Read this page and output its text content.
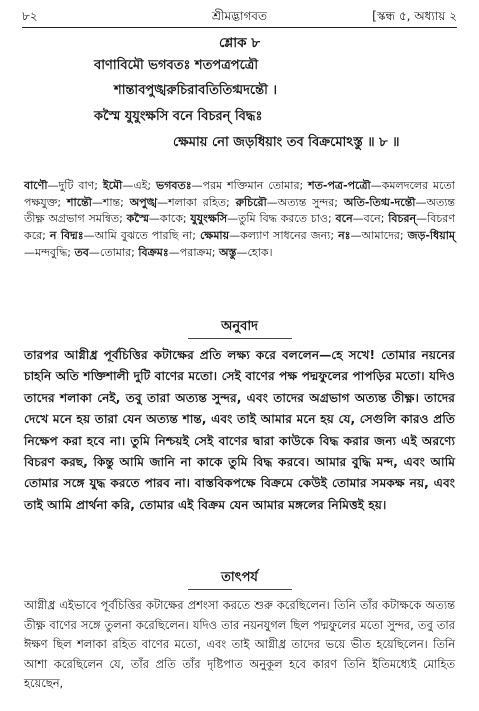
৮২	শ্রীমদ্ভাগবত	[স্কন্ধ ৫, অধ্যায় ২
শ্লোক ৮
বাণাবিমৌ ভগবতঃ শতপত্রপত্রৌ
শান্তাবপুঙ্খরুচিরাবতিতিগ্মদন্তৌ ।
কস্মৈ যুযুংক্ষসি বনে বিচরন্ বিদ্ধঃ
ক্ষেমায় নো জড়ধিয়াং তব বিক্রমোঽস্তু ॥ ৮ ॥
বাণৌ—দুটি বাণ; ইমৌ—এই; ভগবতঃ—পরম শক্তিমান তোমার; শত-পত্র-পত্রৌ—কমলদলের মতো পক্ষযুক্ত; শান্তৌ—শান্ত; অপুঙ্খ—শলাকা রহিত; রুচিরৌ—অত্যন্ত সুন্দর; অতি-তিগ্ম-দন্তৌ—অত্যন্ত তীক্ষ্ণ অগ্রভাগ সমন্বিত; কস্মৈ—কাকে; যুযুংক্ষসি—তুমি বিদ্ধ করতে চাও; বনে—বনে; বিচরন্—বিচরণ করে; ন বিদ্মঃ—আমি বুঝতে পারছি না; ক্ষেমায়—কল্যাণ সাধনের জন্য; নঃ—আমাদের; জড়-ধিয়াম্—মন্দবুদ্ধি; তব—তোমার; বিক্রমঃ—পরাক্রম; অস্তু—হোক।
অনুবাদ
তারপর আগ্নীধ্র পূর্বচিত্তির কটাক্ষের প্রতি লক্ষ্য করে বললেন—হে সখে! তোমার নয়নের চাহনি অতি শক্তিশালী দুটি বাণের মতো। সেই বাণের পক্ষ পদ্মফুলের পাপড়ির মতো। যদিও তাদের শলাকা নেই, তবু তারা অত্যন্ত সুন্দর, এবং তাদের অগ্রভাগ অত্যন্ত তীক্ষ্ণ। তাদের দেখে মনে হয় তারা যেন অত্যন্ত শান্ত, এবং তাই আমার মনে হয় যে, সেগুলি কারও প্রতি নিক্ষেপ করা হবে না। তুমি নিশ্চয়ই সেই বাণের দ্বারা কাউকে বিদ্ধ করার জন্য এই অরণ্যে বিচরণ করছ, কিন্তু আমি জানি না কাকে তুমি বিদ্ধ করবে। আমার বুদ্ধি মন্দ, এবং আমি তোমার সঙ্গে যুদ্ধ করতে পারব না। বাস্তবিকপক্ষে বিক্রমে কেউই তোমার সমকক্ষ নয়, এবং তাই আমি প্রার্থনা করি, তোমার এই বিক্রম যেন আমার মঙ্গলের নিমিত্তই হয়।
তাৎপর্য
আগ্নীধ্র এইভাবে পূর্বচিত্তির কটাক্ষের প্রশংসা করতে শুরু করেছিলেন। তিনি তাঁর কটাক্ষকে অত্যন্ত তীক্ষ্ণ বাণের সঙ্গে তুলনা করেছিলেন। যদিও তার নয়নযুগল ছিল পদ্মফুলের মতো সুন্দর, তবু তার ঈক্ষণ ছিল শলাকা রহিত বাণের মতো, এবং তাই আগ্নীধ্র তাদের ভয়ে ভীত হয়েছিলেন। তিনি আশা করেছিলেন যে, তাঁর প্রতি তাঁর দৃষ্টিপাত অনুকূল হবে কারণ তিনি ইতিমধ্যেই মোহিত হয়েছেন,
